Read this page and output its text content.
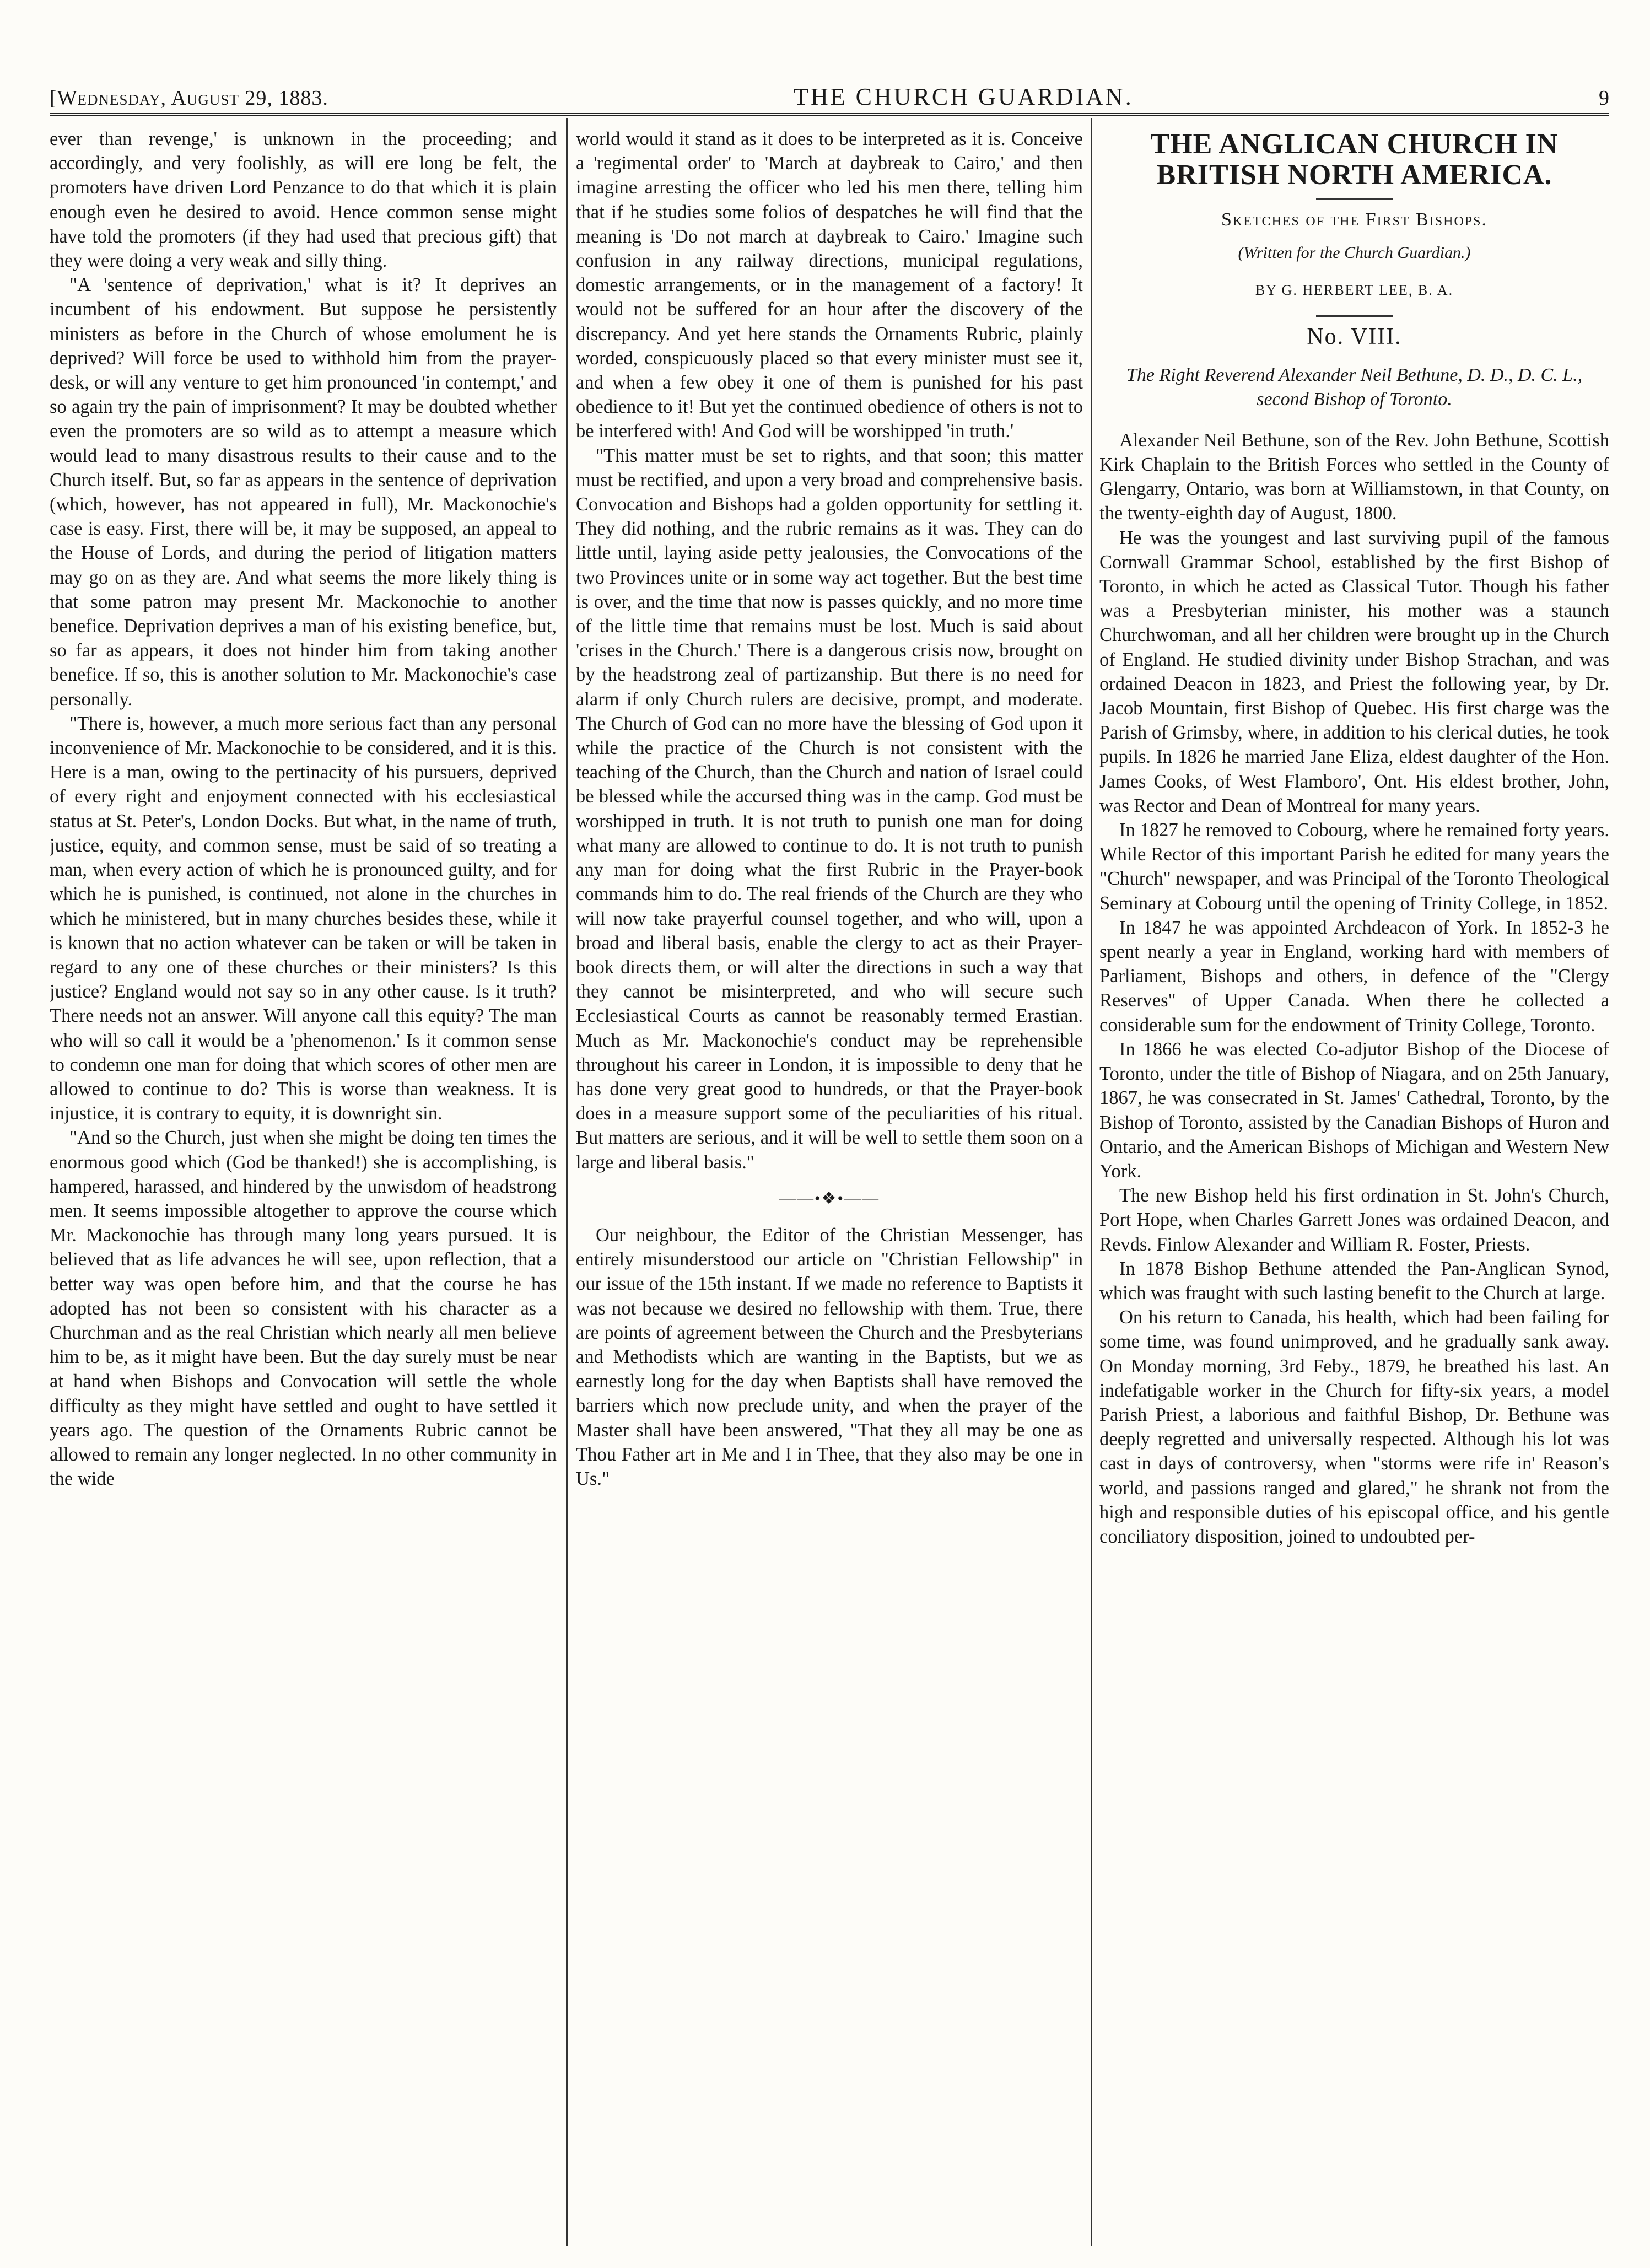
[Wednesday, August 29, 1883.	THE CHURCH GUARDIAN.	9

ever than revenge,' is unknown in the proceeding; and accordingly, and very foolishly, as will ere long be felt, the promoters have driven Lord Penzance to do that which it is plain enough even he desired to avoid. Hence common sense might have told the promoters (if they had used that precious gift) that they were doing a very weak and silly thing.

"A 'sentence of deprivation,' what is it? It deprives an incumbent of his endowment. But suppose he persistently ministers as before in the Church of whose emolument he is deprived? Will force be used to withhold him from the prayer-desk, or will any venture to get him pronounced 'in contempt,' and so again try the pain of imprisonment? It may be doubted whether even the promoters are so wild as to attempt a measure which would lead to many disastrous results to their cause and to the Church itself. But, so far as appears in the sentence of deprivation (which, however, has not appeared in full), Mr. Mackonochie's case is easy. First, there will be, it may be supposed, an appeal to the House of Lords, and during the period of litigation matters may go on as they are. And what seems the more likely thing is that some patron may present Mr. Mackonochie to another benefice. Deprivation deprives a man of his existing benefice, but, so far as appears, it does not hinder him from taking another benefice. If so, this is another solution to Mr. Mackonochie's case personally.

"There is, however, a much more serious fact than any personal inconvenience of Mr. Mackonochie to be considered, and it is this. Here is a man, owing to the pertinacity of his pursuers, deprived of every right and enjoyment connected with his ecclesiastical status at St. Peter's, London Docks. But what, in the name of truth, justice, equity, and common sense, must be said of so treating a man, when every action of which he is pronounced guilty, and for which he is punished, is continued, not alone in the churches in which he ministered, but in many churches besides these, while it is known that no action whatever can be taken or will be taken in regard to any one of these churches or their ministers? Is this justice? England would not say so in any other cause. Is it truth? There needs not an answer. Will anyone call this equity? The man who will so call it would be a 'phenomenon.' Is it common sense to condemn one man for doing that which scores of other men are allowed to continue to do? This is worse than weakness. It is injustice, it is contrary to equity, it is downright sin.

"And so the Church, just when she might be doing ten times the enormous good which (God be thanked!) she is accomplishing, is hampered, harassed, and hindered by the unwisdom of headstrong men. It seems impossible altogether to approve the course which Mr. Mackonochie has through many long years pursued. It is believed that as life advances he will see, upon reflection, that a better way was open before him, and that the course he has adopted has not been so consistent with his character as a Churchman and as the real Christian which nearly all men believe him to be, as it might have been. But the day surely must be near at hand when Bishops and Convocation will settle the whole difficulty as they might have settled and ought to have settled it years ago. The question of the Ornaments Rubric cannot be allowed to remain any longer neglected. In no other community in the wide

world would it stand as it does to be interpreted as it is. Conceive a 'regimental order' to 'March at daybreak to Cairo,' and then imagine arresting the officer who led his men there, telling him that if he studies some folios of despatches he will find that the meaning is 'Do not march at daybreak to Cairo.' Imagine such confusion in any railway directions, municipal regulations, domestic arrangements, or in the management of a factory! It would not be suffered for an hour after the discovery of the discrepancy. And yet here stands the Ornaments Rubric, plainly worded, conspicuously placed so that every minister must see it, and when a few obey it one of them is punished for his past obedience to it! But yet the continued obedience of others is not to be interfered with! And God will be worshipped 'in truth.'

"This matter must be set to rights, and that soon; this matter must be rectified, and upon a very broad and comprehensive basis. Convocation and Bishops had a golden opportunity for settling it. They did nothing, and the rubric remains as it was. They can do little until, laying aside petty jealousies, the Convocations of the two Provinces unite or in some way act together. But the best time is over, and the time that now is passes quickly, and no more time of the little time that remains must be lost. Much is said about 'crises in the Church.' There is a dangerous crisis now, brought on by the headstrong zeal of partizanship. But there is no need for alarm if only Church rulers are decisive, prompt, and moderate. The Church of God can no more have the blessing of God upon it while the practice of the Church is not consistent with the teaching of the Church, than the Church and nation of Israel could be blessed while the accursed thing was in the camp. God must be worshipped in truth. It is not truth to punish one man for doing what many are allowed to continue to do. It is not truth to punish any man for doing what the first Rubric in the Prayer-book commands him to do. The real friends of the Church are they who will now take prayerful counsel together, and who will, upon a broad and liberal basis, enable the clergy to act as their Prayer-book directs them, or will alter the directions in such a way that they cannot be misinterpreted, and who will secure such Ecclesiastical Courts as cannot be reasonably termed Erastian. Much as Mr. Mackonochie's conduct may be reprehensible throughout his career in London, it is impossible to deny that he has done very great good to hundreds, or that the Prayer-book does in a measure support some of the peculiarities of his ritual. But matters are serious, and it will be well to settle them soon on a large and liberal basis."

——•❖•——

Our neighbour, the Editor of the Christian Messenger, has entirely misunderstood our article on "Christian Fellowship" in our issue of the 15th instant. If we made no reference to Baptists it was not because we desired no fellowship with them. True, there are points of agreement between the Church and the Presbyterians and Methodists which are wanting in the Baptists, but we as earnestly long for the day when Baptists shall have removed the barriers which now preclude unity, and when the prayer of the Master shall have been answered, "That they all may be one as Thou Father art in Me and I in Thee, that they also may be one in Us."

THE ANGLICAN CHURCH IN BRITISH NORTH AMERICA.
Sketches of the First Bishops.
(Written for the Church Guardian.)
BY G. HERBERT LEE, B. A.
No. VIII.
The Right Reverend Alexander Neil Bethune, D. D., D. C. L., second Bishop of Toronto.

Alexander Neil Bethune, son of the Rev. John Bethune, Scottish Kirk Chaplain to the British Forces who settled in the County of Glengarry, Ontario, was born at Williamstown, in that County, on the twenty-eighth day of August, 1800.

He was the youngest and last surviving pupil of the famous Cornwall Grammar School, established by the first Bishop of Toronto, in which he acted as Classical Tutor. Though his father was a Presbyterian minister, his mother was a staunch Churchwoman, and all her children were brought up in the Church of England. He studied divinity under Bishop Strachan, and was ordained Deacon in 1823, and Priest the following year, by Dr. Jacob Mountain, first Bishop of Quebec. His first charge was the Parish of Grimsby, where, in addition to his clerical duties, he took pupils. In 1826 he married Jane Eliza, eldest daughter of the Hon. James Cooks, of West Flamboro', Ont. His eldest brother, John, was Rector and Dean of Montreal for many years.

In 1827 he removed to Cobourg, where he remained forty years. While Rector of this important Parish he edited for many years the "Church" newspaper, and was Principal of the Toronto Theological Seminary at Cobourg until the opening of Trinity College, in 1852.

In 1847 he was appointed Archdeacon of York. In 1852-3 he spent nearly a year in England, working hard with members of Parliament, Bishops and others, in defence of the "Clergy Reserves" of Upper Canada. When there he collected a considerable sum for the endowment of Trinity College, Toronto.

In 1866 he was elected Co-adjutor Bishop of the Diocese of Toronto, under the title of Bishop of Niagara, and on 25th January, 1867, he was consecrated in St. James' Cathedral, Toronto, by the Bishop of Toronto, assisted by the Canadian Bishops of Huron and Ontario, and the American Bishops of Michigan and Western New York.

The new Bishop held his first ordination in St. John's Church, Port Hope, when Charles Garrett Jones was ordained Deacon, and Revds. Finlow Alexander and William R. Foster, Priests.

In 1878 Bishop Bethune attended the Pan-Anglican Synod, which was fraught with such lasting benefit to the Church at large.

On his return to Canada, his health, which had been failing for some time, was found unimproved, and he gradually sank away. On Monday morning, 3rd Feby., 1879, he breathed his last. An indefatigable worker in the Church for fifty-six years, a model Parish Priest, a laborious and faithful Bishop, Dr. Bethune was deeply regretted and universally respected. Although his lot was cast in days of controversy, when "storms were rife in' Reason's world, and passions ranged and glared," he shrank not from the high and responsible duties of his episcopal office, and his gentle conciliatory disposition, joined to undoubted per-
